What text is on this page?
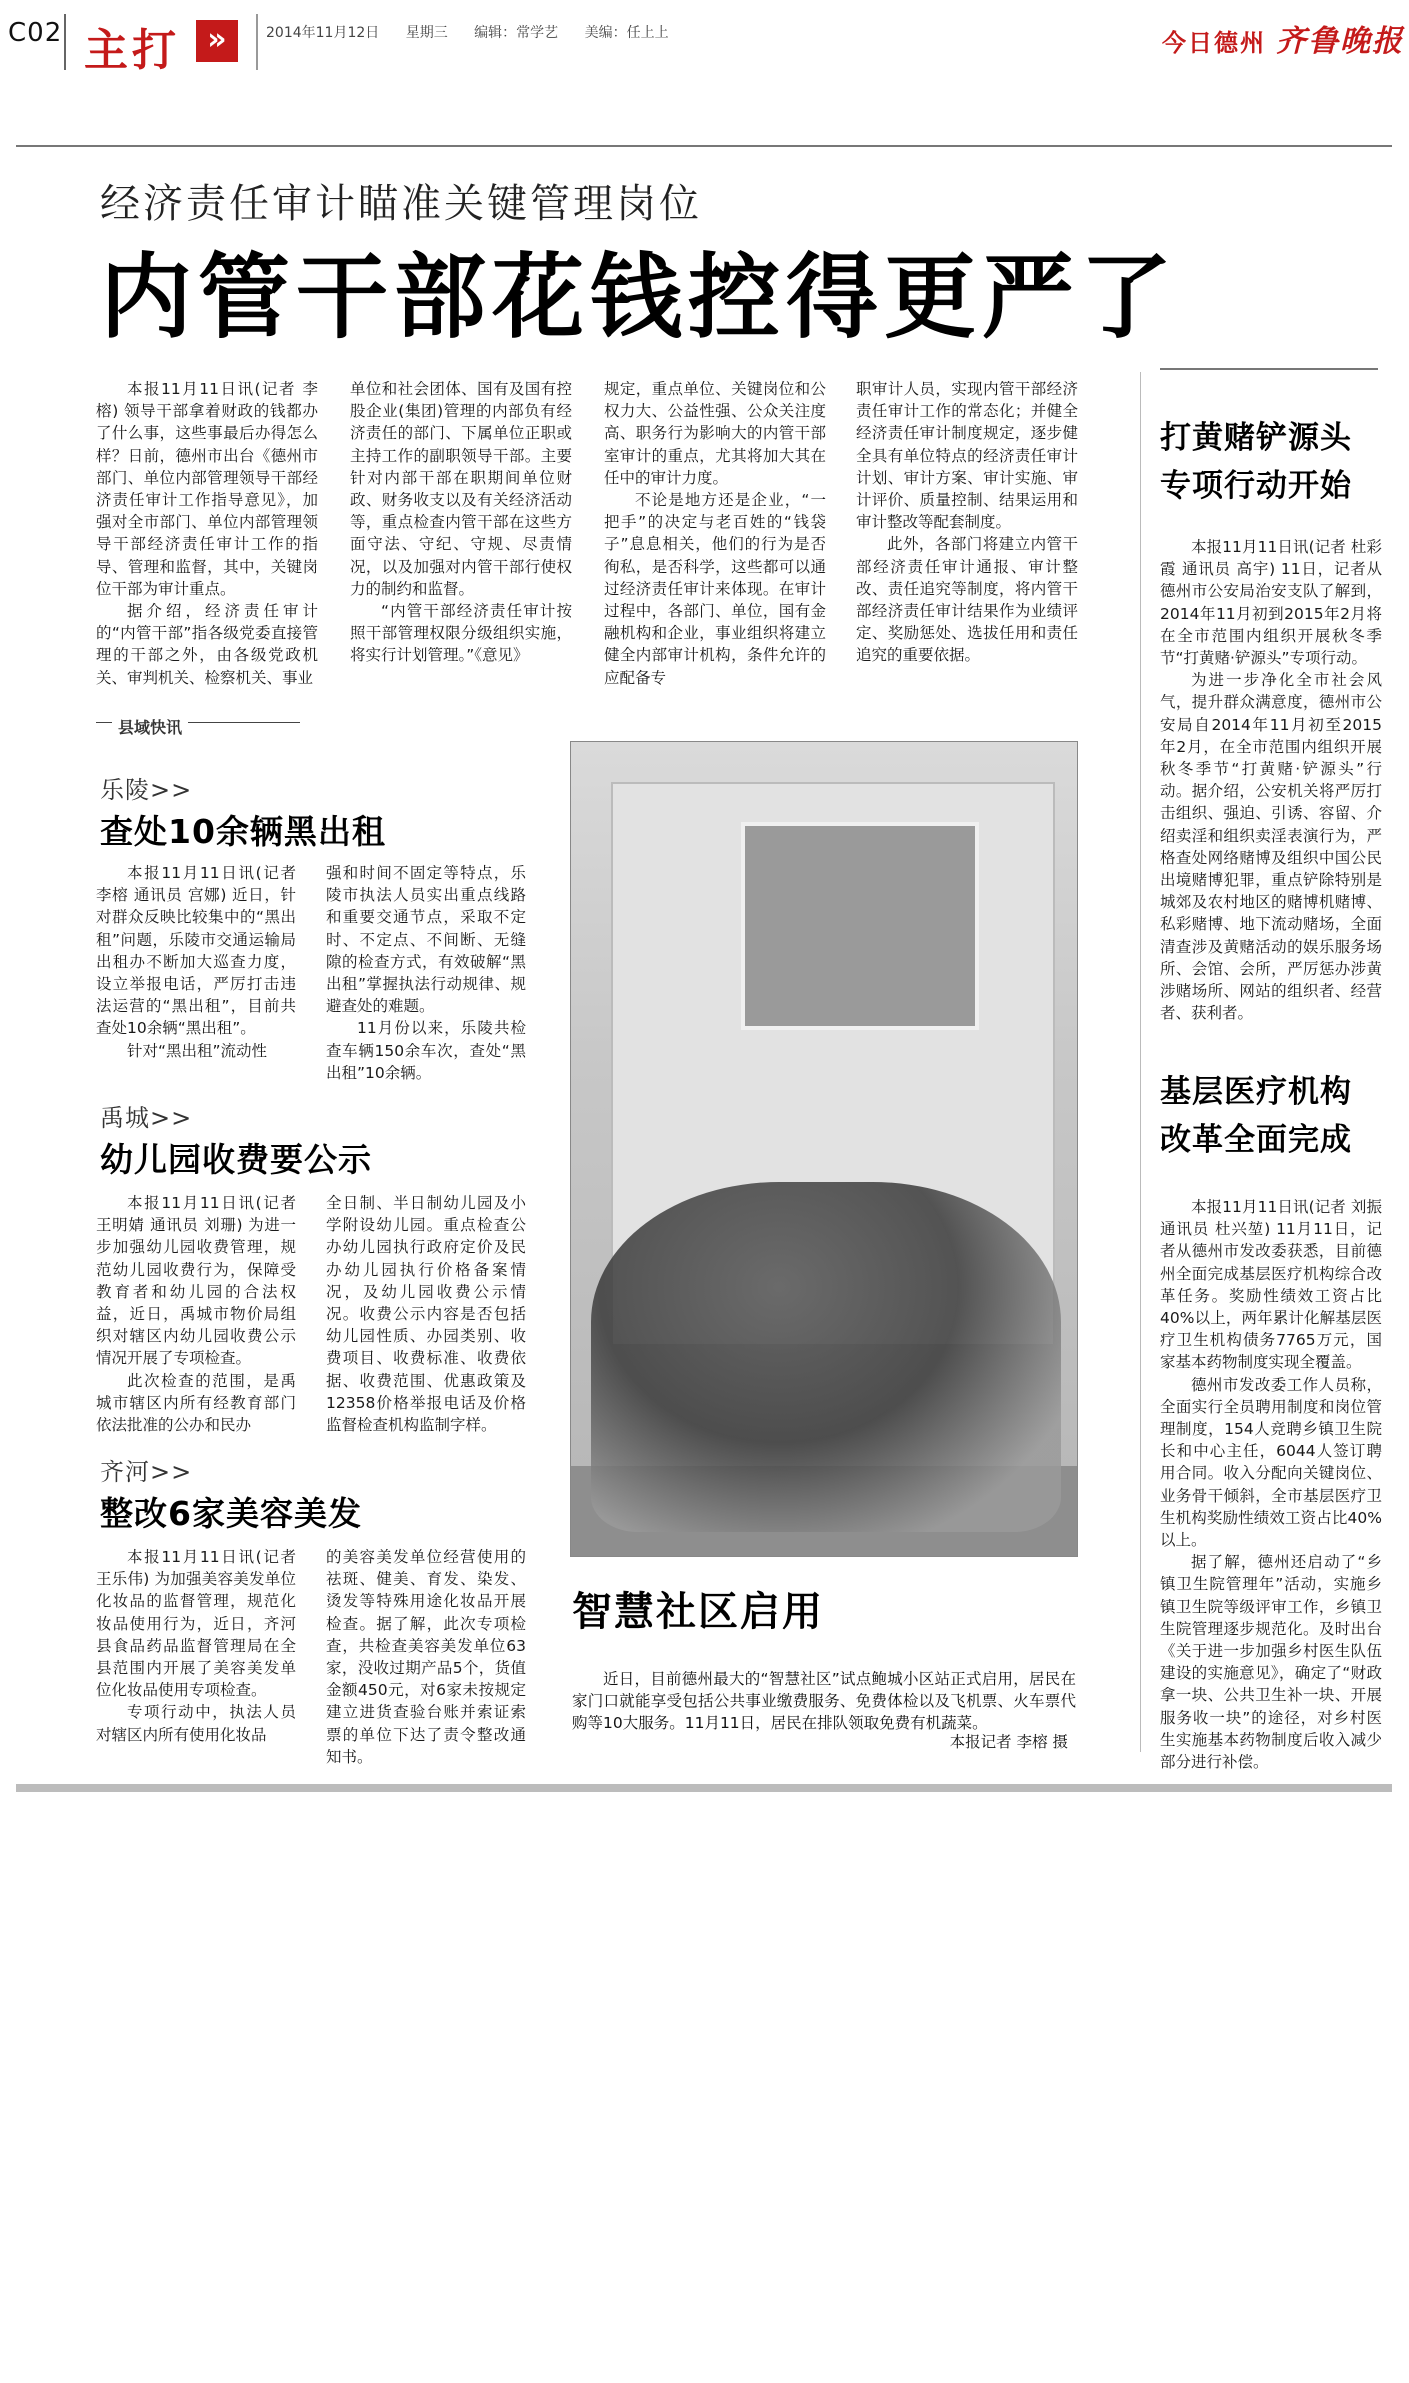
C02 主打 »	2014年11月12日 星期三 编辑：常学艺 美编：任上上	今日德州 齐鲁晚报
经济责任审计瞄准关键管理岗位
内管干部花钱控得更严了

本报11月11日讯(记者 李榕) 领导干部拿着财政的钱都办了什么事，这些事最后办得怎么样？日前，德州市出台《德州市部门、单位内部管理领导干部经济责任审计工作指导意见》，加强对全市部门、单位内部管理领导干部经济责任审计工作的指导、管理和监督，其中，关键岗位干部为审计重点。

据介绍，经济责任审计的“内管干部”指各级党委直接管理的干部之外，由各级党政机关、审判机关、检察机关、事业

单位和社会团体、国有及国有控股企业(集团)管理的内部负有经济责任的部门、下属单位正职或主持工作的副职领导干部。主要针对内部干部在职期间单位财政、财务收支以及有关经济活动等，重点检查内管干部在这些方面守法、守纪、守规、尽责情况，以及加强对内管干部行使权力的制约和监督。

“内管干部经济责任审计按照干部管理权限分级组织实施，将实行计划管理。”《意见》

规定，重点单位、关键岗位和公权力大、公益性强、公众关注度高、职务行为影响大的内管干部室审计的重点，尤其将加大其在任中的审计力度。

不论是地方还是企业，“一把手”的决定与老百姓的“钱袋子”息息相关，他们的行为是否徇私，是否科学，这些都可以通过经济责任审计来体现。在审计过程中，各部门、单位，国有金融机构和企业，事业组织将建立健全内部审计机构，条件允许的应配备专

职审计人员，实现内管干部经济责任审计工作的常态化；并健全经济责任审计制度规定，逐步健全具有单位特点的经济责任审计计划、审计方案、审计实施、审计评价、质量控制、结果运用和审计整改等配套制度。

此外，各部门将建立内管干部经济责任审计通报、审计整改、责任追究等制度，将内管干部经济责任审计结果作为业绩评定、奖励惩处、选拔任用和责任追究的重要依据。

打黄赌铲源头
专项行动开始

本报11月11日讯(记者 杜彩霞 通讯员 高宇) 11日，记者从德州市公安局治安支队了解到，2014年11月初到2015年2月将在全市范围内组织开展秋冬季节“打黄赌·铲源头”专项行动。

为进一步净化全市社会风气，提升群众满意度，德州市公安局自2014年11月初至2015年2月，在全市范围内组织开展秋冬季节“打黄赌·铲源头”行动。据介绍，公安机关将严厉打击组织、强迫、引诱、容留、介绍卖淫和组织卖淫表演行为，严格查处网络赌博及组织中国公民出境赌博犯罪，重点铲除特别是城郊及农村地区的赌博机赌博、私彩赌博、地下流动赌场，全面清查涉及黄赌活动的娱乐服务场所、会馆、会所，严厉惩办涉黄涉赌场所、网站的组织者、经营者、获利者。

基层医疗机构
改革全面完成

本报11月11日讯(记者 刘振 通讯员 杜兴堃) 11月11日，记者从德州市发改委获悉，目前德州全面完成基层医疗机构综合改革任务。奖励性绩效工资占比40%以上，两年累计化解基层医疗卫生机构债务7765万元，国家基本药物制度实现全覆盖。

德州市发改委工作人员称，全面实行全员聘用制度和岗位管理制度，154人竞聘乡镇卫生院长和中心主任，6044人签订聘用合同。收入分配向关键岗位、业务骨干倾斜，全市基层医疗卫生机构奖励性绩效工资占比40%以上。

据了解，德州还启动了“乡镇卫生院管理年”活动，实施乡镇卫生院等级评审工作，乡镇卫生院管理逐步规范化。及时出台《关于进一步加强乡村医生队伍建设的实施意见》，确定了“财政拿一块、公共卫生补一块、开展服务收一块”的途径，对乡村医生实施基本药物制度后收入减少部分进行补偿。

县域快讯
乐陵>>
查处10余辆黑出租

本报11月11日讯(记者 李榕 通讯员 宫娜) 近日，针对群众反映比较集中的“黑出租”问题，乐陵市交通运输局出租办不断加大巡查力度，设立举报电话，严厉打击违法运营的“黑出租”，目前共查处10余辆“黑出租”。

针对“黑出租”流动性

强和时间不固定等特点，乐陵市执法人员实出重点线路和重要交通节点，采取不定时、不定点、不间断、无缝隙的检查方式，有效破解“黑出租”掌握执法行动规律、规避查处的难题。

11月份以来，乐陵共检查车辆150余车次，查处“黑出租”10余辆。

禹城>>
幼儿园收费要公示

本报11月11日讯(记者 王明婧 通讯员 刘珊) 为进一步加强幼儿园收费管理，规范幼儿园收费行为，保障受教育者和幼儿园的合法权益，近日，禹城市物价局组织对辖区内幼儿园收费公示情况开展了专项检查。

此次检查的范围，是禹城市辖区内所有经教育部门依法批准的公办和民办

全日制、半日制幼儿园及小学附设幼儿园。重点检查公办幼儿园执行政府定价及民办幼儿园执行价格备案情况，及幼儿园收费公示情况。收费公示内容是否包括幼儿园性质、办园类别、收费项目、收费标准、收费依据、收费范围、优惠政策及12358价格举报电话及价格监督检查机构监制字样。

齐河>>
整改6家美容美发

本报11月11日讯(记者 王乐伟) 为加强美容美发单位化妆品的监督管理，规范化妆品使用行为，近日，齐河县食品药品监督管理局在全县范围内开展了美容美发单位化妆品使用专项检查。

专项行动中，执法人员对辖区内所有使用化妆品

的美容美发单位经营使用的祛斑、健美、育发、染发、烫发等特殊用途化妆品开展检查。据了解，此次专项检查，共检查美容美发单位63家，没收过期产品5个，货值金额450元，对6家未按规定建立进货查验台账并索证索票的单位下达了责令整改通知书。

智慧社区启用

近日，目前德州最大的“智慧社区”试点鲍城小区站正式启用，居民在家门口就能享受包括公共事业缴费服务、免费体检以及飞机票、火车票代购等10大服务。11月11日，居民在排队领取免费有机蔬菜。

本报记者 李榕 摄
